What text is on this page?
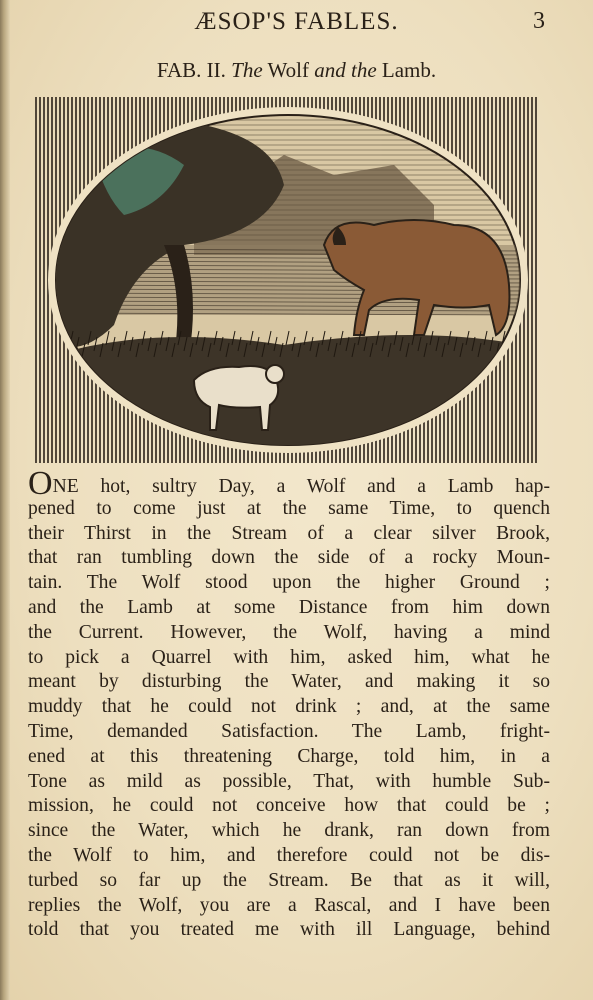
ÆSOP'S FABLES.	3
FAB. II. The Wolf and the Lamb.
ONE hot, sultry Day, a Wolf and a Lamb hap-
pened to come just at the same Time, to quench
their Thirst in the Stream of a clear silver Brook,
that ran tumbling down the side of a rocky Moun-
tain. The Wolf stood upon the higher Ground ;
and the Lamb at some Distance from him down
the Current. However, the Wolf, having a mind
to pick a Quarrel with him, asked him, what he
meant by disturbing the Water, and making it so
muddy that he could not drink ; and, at the same
Time, demanded Satisfaction. The Lamb, fright-
ened at this threatening Charge, told him, in a
Tone as mild as possible, That, with humble Sub-
mission, he could not conceive how that could be ;
since the Water, which he drank, ran down from
the Wolf to him, and therefore could not be dis-
turbed so far up the Stream. Be that as it will,
replies the Wolf, you are a Rascal, and I have been
told that you treated me with ill Language, behind
